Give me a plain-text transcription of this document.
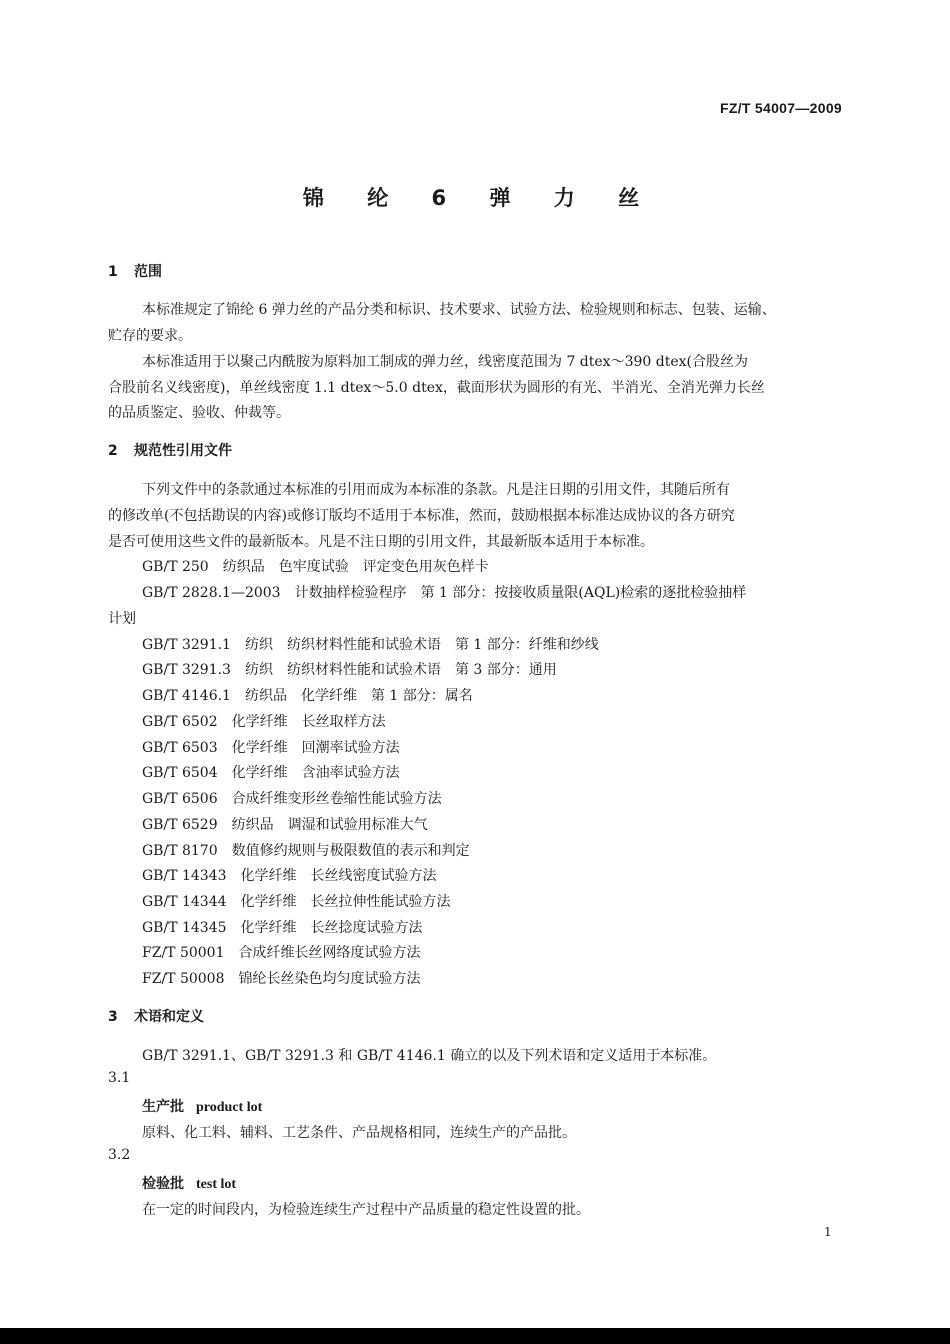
FZ/T 54007—2009
锦 纶 6 弹 力 丝
1 范围
本标准规定了锦纶 6 弹力丝的产品分类和标识、技术要求、试验方法、检验规则和标志、包装、运输、
贮存的要求。
本标准适用于以聚己内酰胺为原料加工制成的弹力丝，线密度范围为 7 dtex～390 dtex(合股丝为
合股前名义线密度)，单丝线密度 1.1 dtex～5.0 dtex，截面形状为圆形的有光、半消光、全消光弹力长丝
的品质鉴定、验收、仲裁等。
2 规范性引用文件
下列文件中的条款通过本标准的引用而成为本标准的条款。凡是注日期的引用文件，其随后所有
的修改单(不包括勘误的内容)或修订版均不适用于本标准，然而，鼓励根据本标准达成协议的各方研究
是否可使用这些文件的最新版本。凡是不注日期的引用文件，其最新版本适用于本标准。
GB/T 250 纺织品　色牢度试验　评定变色用灰色样卡
GB/T 2828.1—2003 计数抽样检验程序　第 1 部分：按接收质量限(AQL)检索的逐批检验抽样
计划
GB/T 3291.1 纺织　纺织材料性能和试验术语　第 1 部分：纤维和纱线
GB/T 3291.3 纺织　纺织材料性能和试验术语　第 3 部分：通用
GB/T 4146.1 纺织品　化学纤维　第 1 部分：属名
GB/T 6502 化学纤维　长丝取样方法
GB/T 6503 化学纤维　回潮率试验方法
GB/T 6504 化学纤维　含油率试验方法
GB/T 6506 合成纤维变形丝卷缩性能试验方法
GB/T 6529 纺织品　调湿和试验用标准大气
GB/T 8170 数值修约规则与极限数值的表示和判定
GB/T 14343 化学纤维　长丝线密度试验方法
GB/T 14344 化学纤维　长丝拉伸性能试验方法
GB/T 14345 化学纤维　长丝捻度试验方法
FZ/T 50001 合成纤维长丝网络度试验方法
FZ/T 50008 锦纶长丝染色均匀度试验方法
3 术语和定义
GB/T 3291.1、GB/T 3291.3 和 GB/T 4146.1 确立的以及下列术语和定义适用于本标准。
3.1
生产批 product lot
原料、化工料、辅料、工艺条件、产品规格相同，连续生产的产品批。
3.2
检验批 test lot
在一定的时间段内，为检验连续生产过程中产品质量的稳定性设置的批。
1
